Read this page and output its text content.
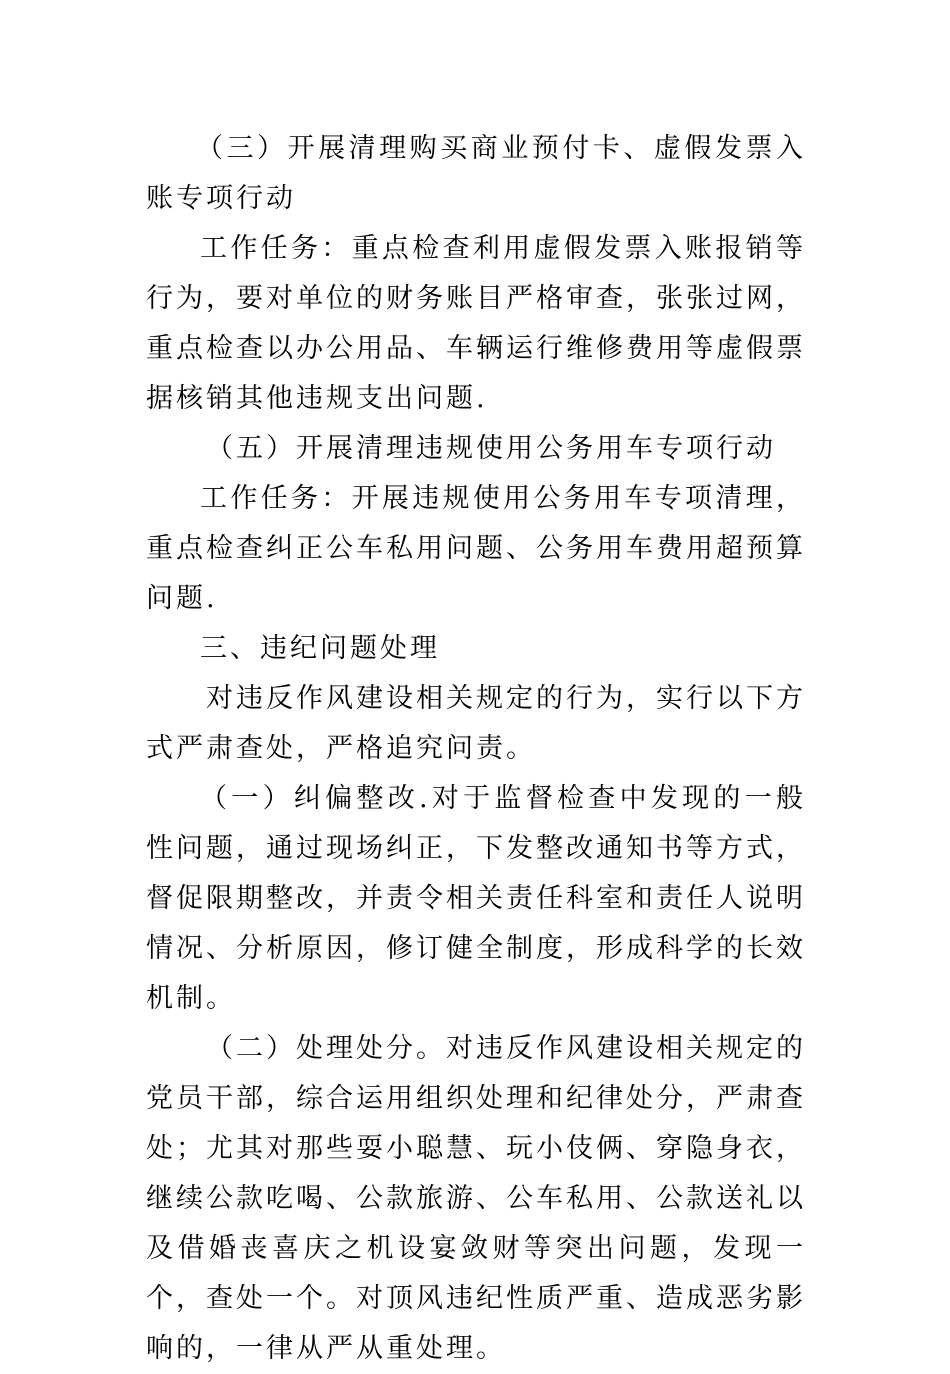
（三）开展清理购买商业预付卡、虚假发票入账专项行动

工作任务：重点检查利用虚假发票入账报销等行为，要对单位的财务账目严格审查，张张过网，重点检查以办公用品、车辆运行维修费用等虚假票据核销其他违规支出问题.

（五）开展清理违规使用公务用车专项行动

工作任务：开展违规使用公务用车专项清理，重点检查纠正公车私用问题、公务用车费用超预算问题.

三、违纪问题处理

对违反作风建设相关规定的行为，实行以下方式严肃查处，严格追究问责。

（一）纠偏整改.对于监督检查中发现的一般性问题，通过现场纠正，下发整改通知书等方式，督促限期整改，并责令相关责任科室和责任人说明情况、分析原因，修订健全制度，形成科学的长效机制。

（二）处理处分。对违反作风建设相关规定的党员干部，综合运用组织处理和纪律处分，严肃查处；尤其对那些耍小聪慧、玩小伎俩、穿隐身衣，继续公款吃喝、公款旅游、公车私用、公款送礼以及借婚丧喜庆之机设宴敛财等突出问题，发现一个，查处一个。对顶风违纪性质严重、造成恶劣影响的，一律从严从重处理。
